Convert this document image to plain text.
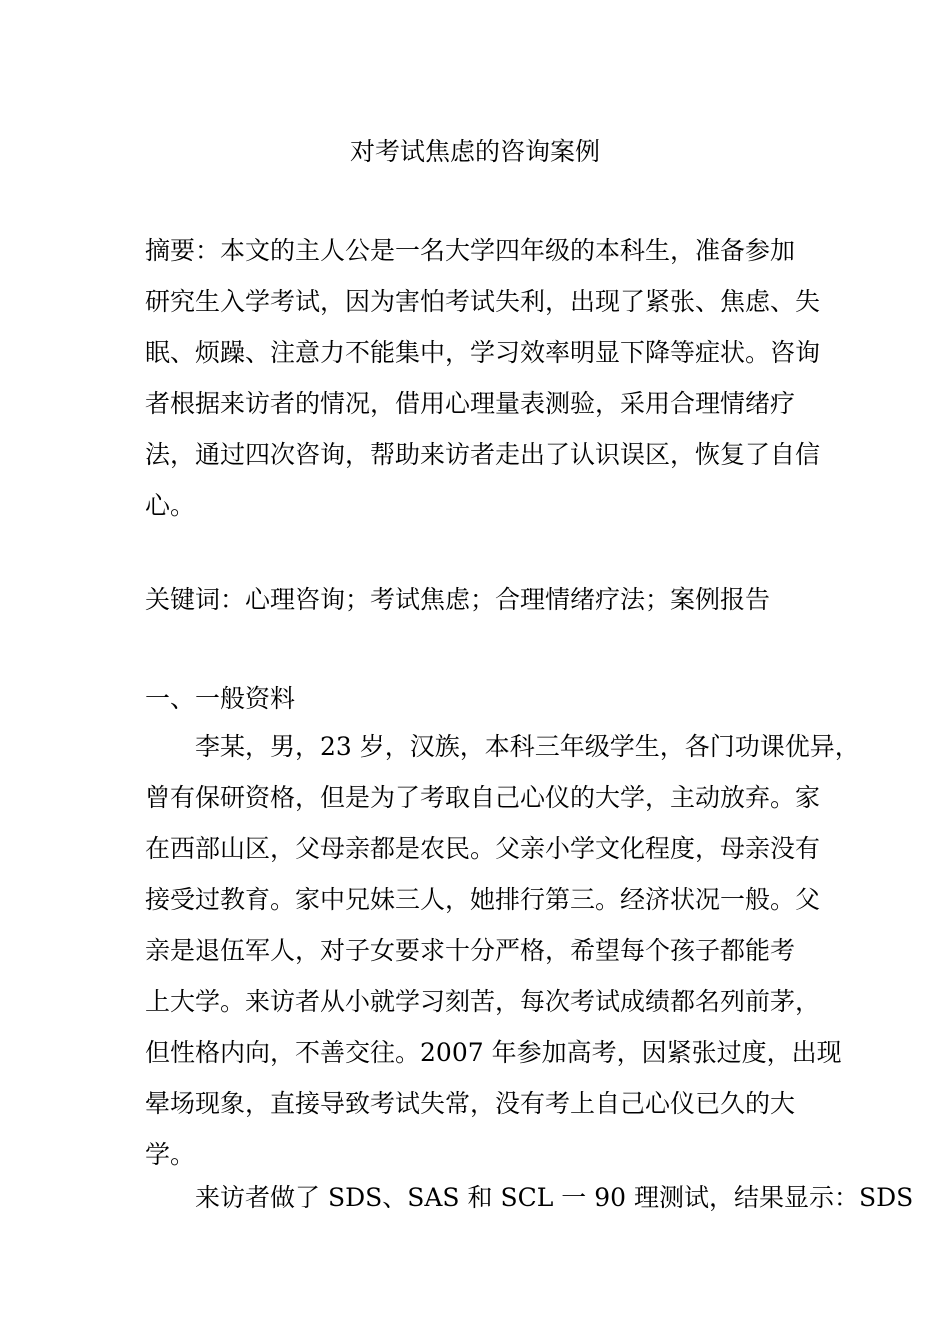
对考试焦虑的咨询案例
摘要：本文的主人公是一名大学四年级的本科生，准备参加
研究生入学考试，因为害怕考试失利，出现了紧张、焦虑、失
眠、烦躁、注意力不能集中，学习效率明显下降等症状。咨询
者根据来访者的情况，借用心理量表测验，采用合理情绪疗
法，通过四次咨询，帮助来访者走出了认识误区，恢复了自信
心。
关键词：心理咨询；考试焦虑；合理情绪疗法；案例报告
一、一般资料
李某，男，23 岁，汉族，本科三年级学生，各门功课优异，
曾有保研资格，但是为了考取自己心仪的大学，主动放弃。家
在西部山区，父母亲都是农民。父亲小学文化程度，母亲没有
接受过教育。家中兄妹三人，她排行第三。经济状况一般。父
亲是退伍军人，对子女要求十分严格，希望每个孩子都能考
上大学。来访者从小就学习刻苦，每次考试成绩都名列前茅，
但性格内向，不善交往。2007 年参加高考，因紧张过度，出现
晕场现象，直接导致考试失常，没有考上自己心仪已久的大
学。
来访者做了 SDS、SAS 和 SCL 一 90 理测试，结果显示：SDS
